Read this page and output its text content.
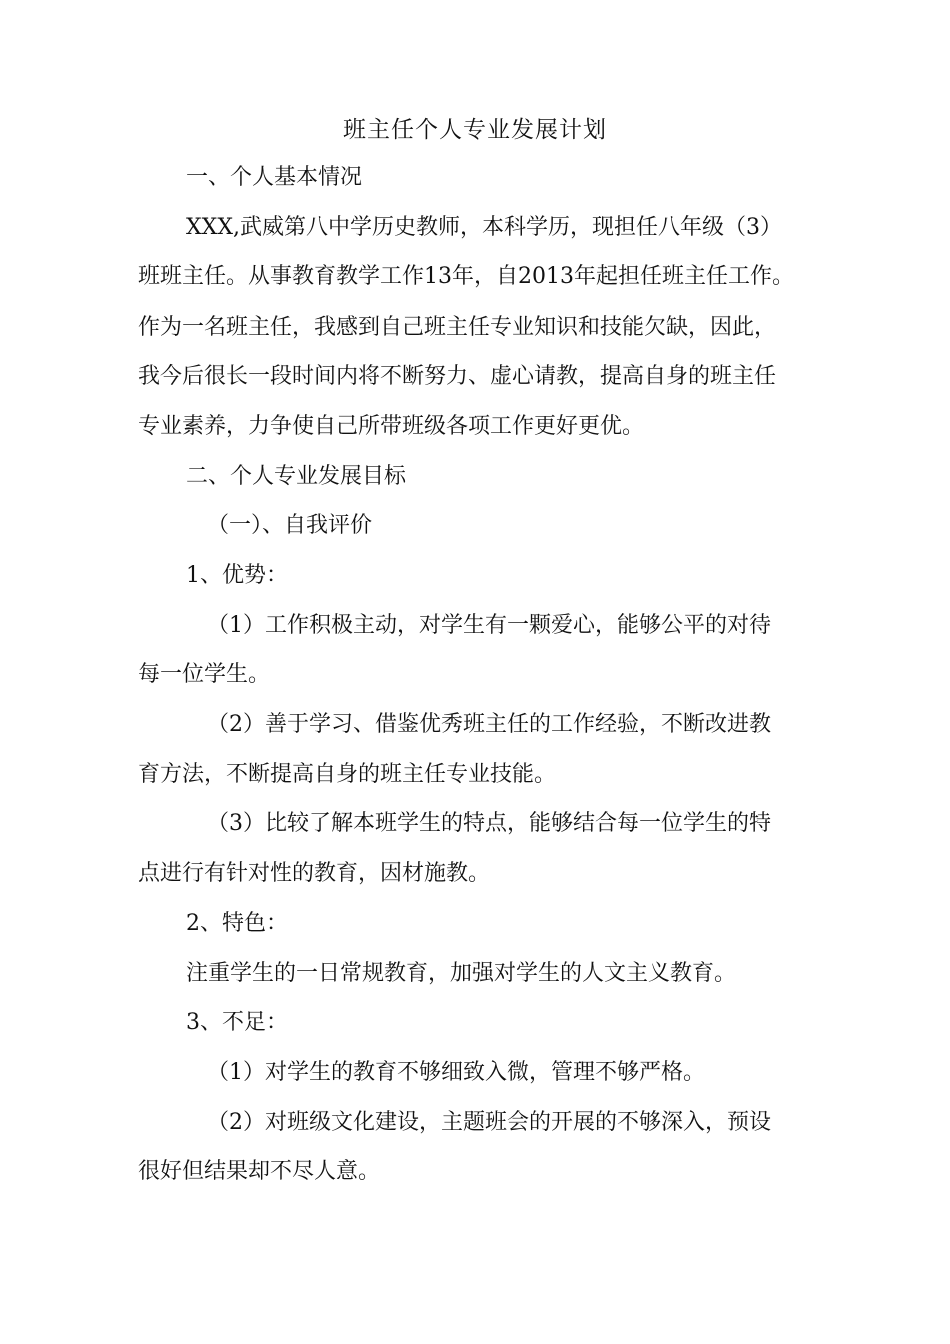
班主任个人专业发展计划
一、个人基本情况
XXX,武威第八中学历史教师，本科学历，现担任八年级（3）
班班主任。从事教育教学工作13年，自2013年起担任班主任工作。
作为一名班主任，我感到自己班主任专业知识和技能欠缺，因此，
我今后很长一段时间内将不断努力、虚心请教，提高自身的班主任
专业素养，力争使自己所带班级各项工作更好更优。
二、个人专业发展目标
（一）、自我评价
1、优势：
（1）工作积极主动，对学生有一颗爱心，能够公平的对待
每一位学生。
（2）善于学习、借鉴优秀班主任的工作经验，不断改进教
育方法，不断提高自身的班主任专业技能。
（3）比较了解本班学生的特点，能够结合每一位学生的特
点进行有针对性的教育，因材施教。
2、特色：
注重学生的一日常规教育，加强对学生的人文主义教育。
3、不足：
（1）对学生的教育不够细致入微，管理不够严格。
（2）对班级文化建设，主题班会的开展的不够深入，预设
很好但结果却不尽人意。
